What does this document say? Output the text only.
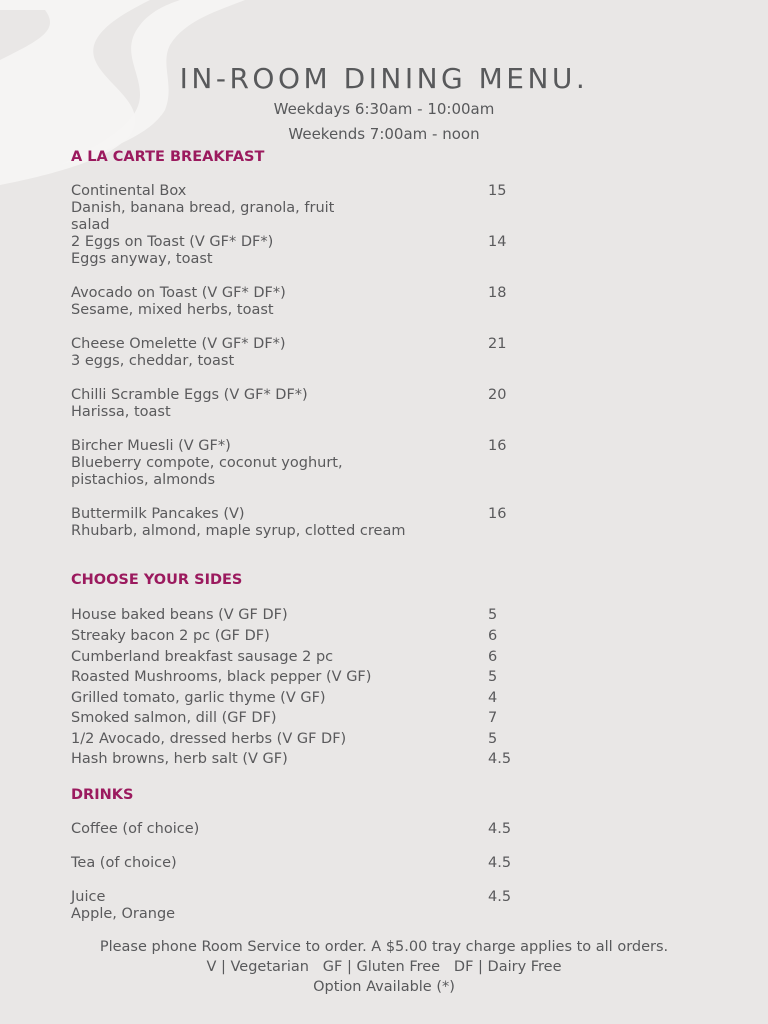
IN-ROOM DINING MENU.
Weekdays 6:30am - 10:00am
Weekends 7:00am - noon
A LA CARTE BREAKFAST
Continental Box
Danish, banana bread, granola, fruit salad
15
2 Eggs on Toast (V GF* DF*)
Eggs anyway, toast
14
Avocado on Toast (V GF* DF*)
Sesame, mixed herbs, toast
18
Cheese Omelette (V GF* DF*)
3 eggs, cheddar, toast
21
Chilli Scramble Eggs (V GF* DF*)
Harissa, toast
20
Bircher Muesli (V GF*)
Blueberry compote, coconut yoghurt, pistachios, almonds
16
Buttermilk Pancakes (V)
Rhubarb, almond, maple syrup, clotted cream
16
CHOOSE YOUR SIDES
House baked beans (V GF DF)	5
Streaky bacon 2 pc (GF DF)	6
Cumberland breakfast sausage 2 pc	6
Roasted Mushrooms, black pepper (V GF)	5
Grilled tomato, garlic thyme (V GF)	4
Smoked salmon, dill (GF DF)	7
1/2 Avocado, dressed herbs (V GF DF)	5
Hash browns, herb salt (V GF)	4.5
DRINKS
Coffee (of choice)	4.5
Tea (of choice)	4.5
Juice
Apple, Orange
4.5
Please phone Room Service to order. A $5.00 tray charge applies to all orders.
V | Vegetarian   GF | Gluten Free   DF | Dairy Free
Option Available (*)
